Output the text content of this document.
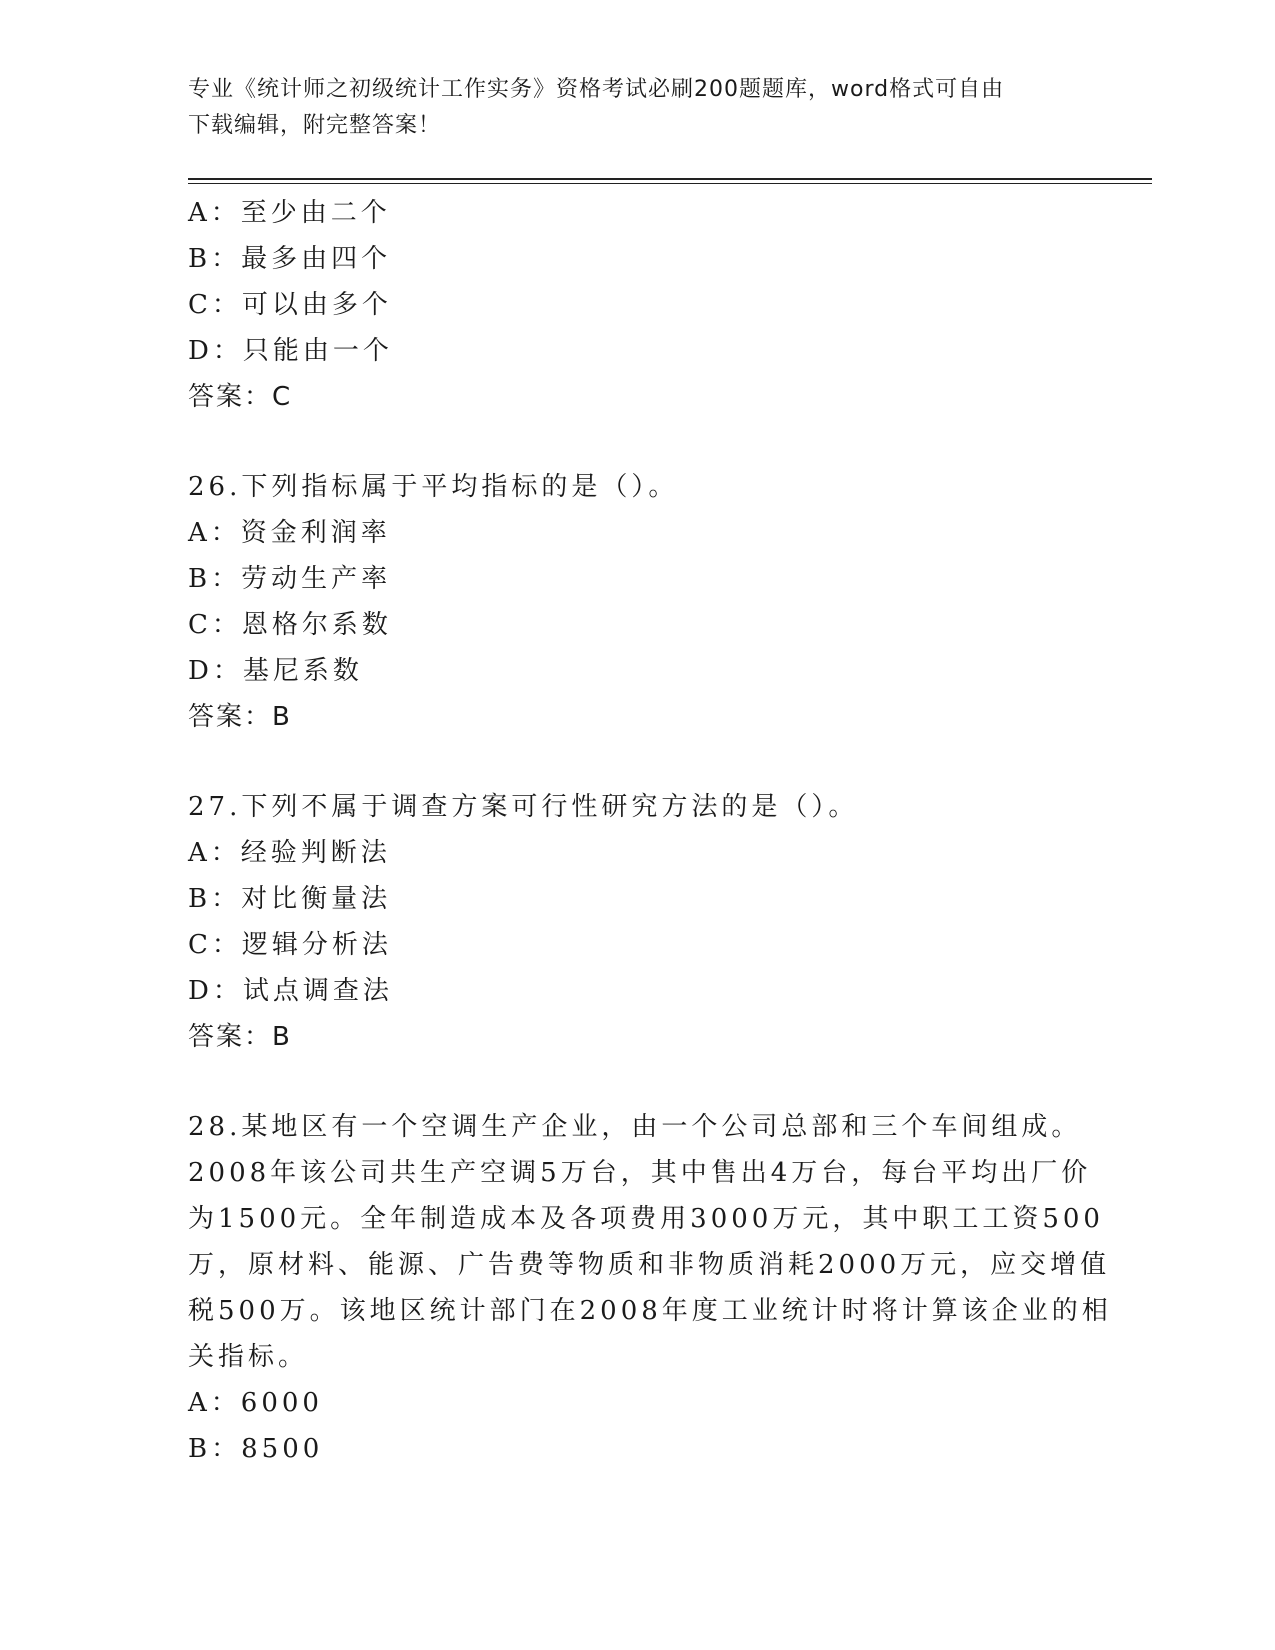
专业《统计师之初级统计工作实务》资格考试必刷200题题库，word格式可自由
下载编辑，附完整答案！
A：至少由二个
B：最多由四个
C：可以由多个
D：只能由一个
答案：C
26.下列指标属于平均指标的是（）。
A：资金利润率
B：劳动生产率
C：恩格尔系数
D：基尼系数
答案：B
27.下列不属于调查方案可行性研究方法的是（）。
A：经验判断法
B：对比衡量法
C：逻辑分析法
D：试点调查法
答案：B
28.某地区有一个空调生产企业，由一个公司总部和三个车间组成。
2008年该公司共生产空调5万台，其中售出4万台，每台平均出厂价
为1500元。全年制造成本及各项费用3000万元，其中职工工资500
万，原材料、能源、广告费等物质和非物质消耗2000万元，应交增值
税500万。该地区统计部门在2008年度工业统计时将计算该企业的相
关指标。
A：6000
B：8500
